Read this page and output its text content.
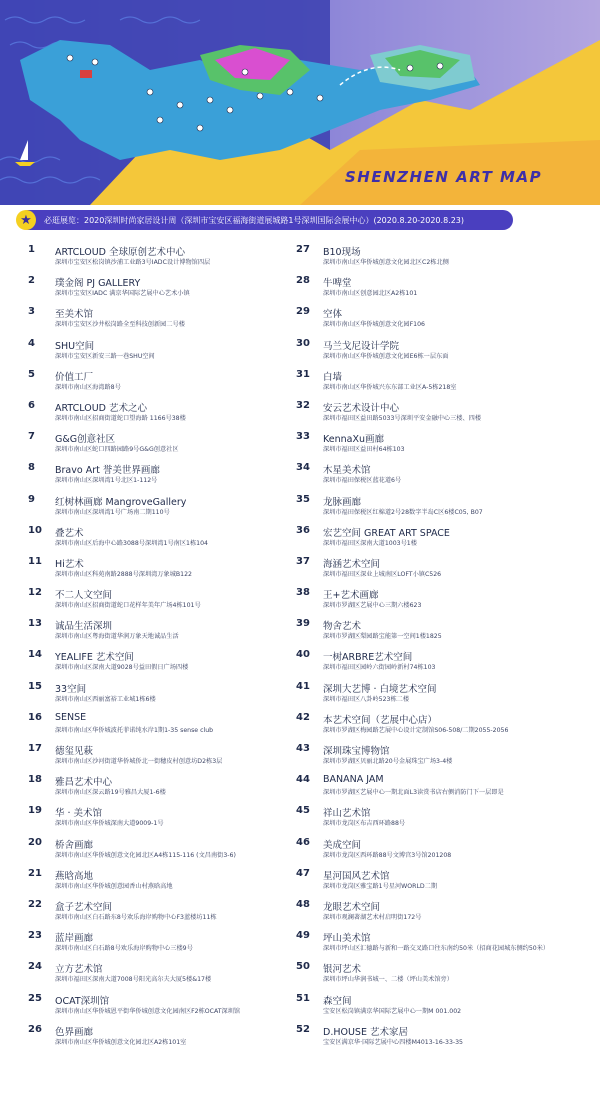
SHENZHEN ART MAP
★	必逛展览：2020深圳时尚家居设计周（深圳市宝安区福海街道展城路1号深圳国际会展中心）(2020.8.20-2020.8.23)
1	ARTCLOUD 全球原创艺术中心
深圳市宝安区松岗镇沙浦工业路3号IADC设计博物馆四层
2	璞金阁 PJ GALLERY
深圳市宝安区IADC 满京华国际艺展中心艺术小镇
3	至美术馆
深圳市宝安区沙井松岗路全至科技创新园二号楼
4	SHU空间
深圳市宝安区新安三路一巷SHU空间
5	价值工厂
深圳市南山区海湾路8号
6	ARTCLOUD 艺术之心
深圳市南山区招商街道蛇口望海路 1166号38楼
7	G&G创意社区
深圳市南山区蛇口四路园路9号G&G创意社区
8	Bravo Art 誉美世界画廊
深圳市南山区深圳湾1号北区1-112号
9	红树林画廊 MangroveGallery
深圳市南山区深圳湾1号广场南二期110号
10	叠艺术
深圳市南山区后海中心路3088号深圳湾1号南区1栋104
11	Hi艺术
深圳市南山区科苑南路2888号深圳湾万象城B122
12	不二人文空间
深圳市南山区招商街道蛇口花样年美年广场4栋101号
13	诚品生活深圳
深圳市南山区粤海街道华润万象天地诚品生活
14	YEALIFE 艺术空间
深圳市南山区深南大道9028号益田假日广场四楼
15	33空间
深圳市南山区西丽富裕工业城1栋6楼
16	SENSE
深圳市南山区华侨城波托菲诺纯水岸1期1-35 sense club
17	德玺见萩
深圳市南山区沙河街道华侨城侨北一街穗皮村创意坊D2栋3层
18	雅昌艺术中心
深圳市南山区深云路19号雅昌大厦1-6楼
19	华 · 美术馆
深圳市南山区华侨城深南大道9009-1号
20	桥舍画廊
深圳市南山区华侨城创意文化园北区A4栋115-116 (文昌南街3-6)
21	燕晗高地
深圳市南山区华侨城创意园香山村燕晗高地
22	盒子艺术空间
深圳市南山区白石路东8号欢乐海岸购物中心F3蓝楼坊11栋
23	蓝岸画廊
深圳市南山区白石路8号欢乐海岸购物中心三楼9号
24	立方艺术馆
深圳市福田区深南大道7008号阳光高尔夫大厦5楼&17楼
25	OCAT深圳馆
深圳市南山区华侨城恩平街华侨城创意文化园南区F2栋OCAT深圳馆
26	色界画廊
深圳市南山区华侨城创意文化园北区A2栋101室
27	B10现场
深圳市南山区华侨城创意文化园北区C2栋北侧
28	牛啤堂
深圳市南山区创意园北区A2栋101
29	空体
深圳市南山区华侨城创意文化园F106
30	马兰戈尼设计学院
深圳市南山区华侨城创意文化园E6栋一层东面
31	白墙
深圳市南山区华侨城兴东东部工业区A-5栋218室
32	安云艺术设计中心
深圳市福田区益田路5033号深圳平安金融中心三楼、四楼
33	KennaXu画廊
深圳市福田区益田村64栋103
34	木星美术馆
深圳市福田保税区蓝花道6号
35	龙脉画廊
深圳市福田保税区红棉道2号28数字半岛C区6楼C05, B07
36	宏艺空间 GREAT ART SPACE
深圳市福田区深南大道1003号1楼
37	海涵艺术空间
深圳市福田区深业上城南区LOFT小镇C526
38	王+艺术画廊
深圳市罗湖区艺展中心三期六楼623
39	物舍艺术
深圳市罗湖区梨园路宝能第一空间1楼1825
40	一树ARBRE艺术空间
深圳市福田区园岭六街园岭新村74栋103
41	深圳大艺博 · 白境艺术空间
深圳市福田区八卦岭523栋二楼
42	本艺术空间（艺展中心店）
深圳市罗湖区梅园路艺展中心设计定制馆S06-508/二期2055-2056
43	深圳珠宝博物馆
深圳市罗湖区贝丽北路20号金展珠宝广场3-4楼
44	BANANA JAM
深圳市罗湖区艺展中心一期北面L3读赏书店右侧消防门下一层即是
45	祥山艺术馆
深圳市龙岗区布吉西环路88号
46	美成空间
深圳市龙岗区西环路88号文博宫3号馆201208
47	星河国风艺术馆
深圳市龙岗区雅宝路1号星河WORLD二期
48	龙眼艺术空间
深圳市观澜著湖艺术村启明街172号
49	坪山美术馆
深圳市坪山区汇德路与新和一路交叉路口往东南约50米（招商花园城东侧约50米）
50	银河艺术
深圳市坪山华润书城一、二楼（坪山美术馆旁）
51	森空间
宝安区松岗镇满京华国际艺展中心一期M 001.002
52	D.HOUSE 艺术家居
宝安区满京华·国际艺展中心四楼M4013-16-33-35
